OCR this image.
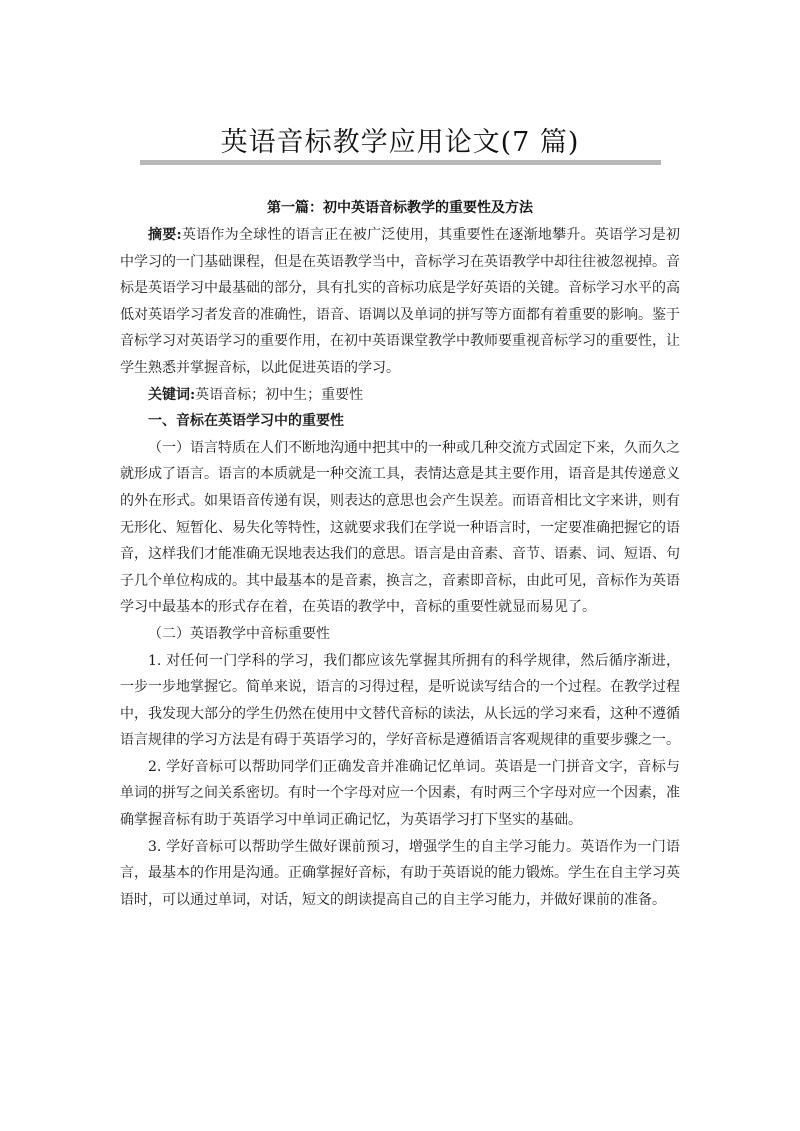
英语音标教学应用论文(7 篇)
第一篇：初中英语音标教学的重要性及方法

摘要:英语作为全球性的语言正在被广泛使用，其重要性在逐渐地攀升。英语学习是初中学习的一门基础课程，但是在英语教学当中，音标学习在英语教学中却往往被忽视掉。音标是英语学习中最基础的部分，具有扎实的音标功底是学好英语的关键。音标学习水平的高低对英语学习者发音的准确性，语音、语调以及单词的拼写等方面都有着重要的影响。鉴于音标学习对英语学习的重要作用，在初中英语课堂教学中教师要重视音标学习的重要性，让学生熟悉并掌握音标，以此促进英语的学习。

关键词:英语音标；初中生；重要性

一、音标在英语学习中的重要性

（一）语言特质在人们不断地沟通中把其中的一种或几种交流方式固定下来，久而久之就形成了语言。语言的本质就是一种交流工具，表情达意是其主要作用，语音是其传递意义的外在形式。如果语音传递有误，则表达的意思也会产生误差。而语音相比文字来讲，则有无形化、短暂化、易失化等特性，这就要求我们在学说一种语言时，一定要准确把握它的语音，这样我们才能准确无误地表达我们的意思。语言是由音素、音节、语素、词、短语、句子几个单位构成的。其中最基本的是音素，换言之，音素即音标，由此可见，音标作为英语学习中最基本的形式存在着，在英语的教学中，音标的重要性就显而易见了。

（二）英语教学中音标重要性

1. 对任何一门学科的学习，我们都应该先掌握其所拥有的科学规律，然后循序渐进，一步一步地掌握它。简单来说，语言的习得过程，是听说读写结合的一个过程。在教学过程中，我发现大部分的学生仍然在使用中文替代音标的读法，从长远的学习来看，这种不遵循语言规律的学习方法是有碍于英语学习的，学好音标是遵循语言客观规律的重要步骤之一。

2. 学好音标可以帮助同学们正确发音并准确记忆单词。英语是一门拼音文字，音标与单词的拼写之间关系密切。有时一个字母对应一个因素，有时两三个字母对应一个因素，准确掌握音标有助于英语学习中单词正确记忆，为英语学习打下坚实的基础。

3. 学好音标可以帮助学生做好课前预习，增强学生的自主学习能力。英语作为一门语言，最基本的作用是沟通。正确掌握好音标，有助于英语说的能力锻炼。学生在自主学习英语时，可以通过单词，对话，短文的朗读提高自己的自主学习能力，并做好课前的准备。
